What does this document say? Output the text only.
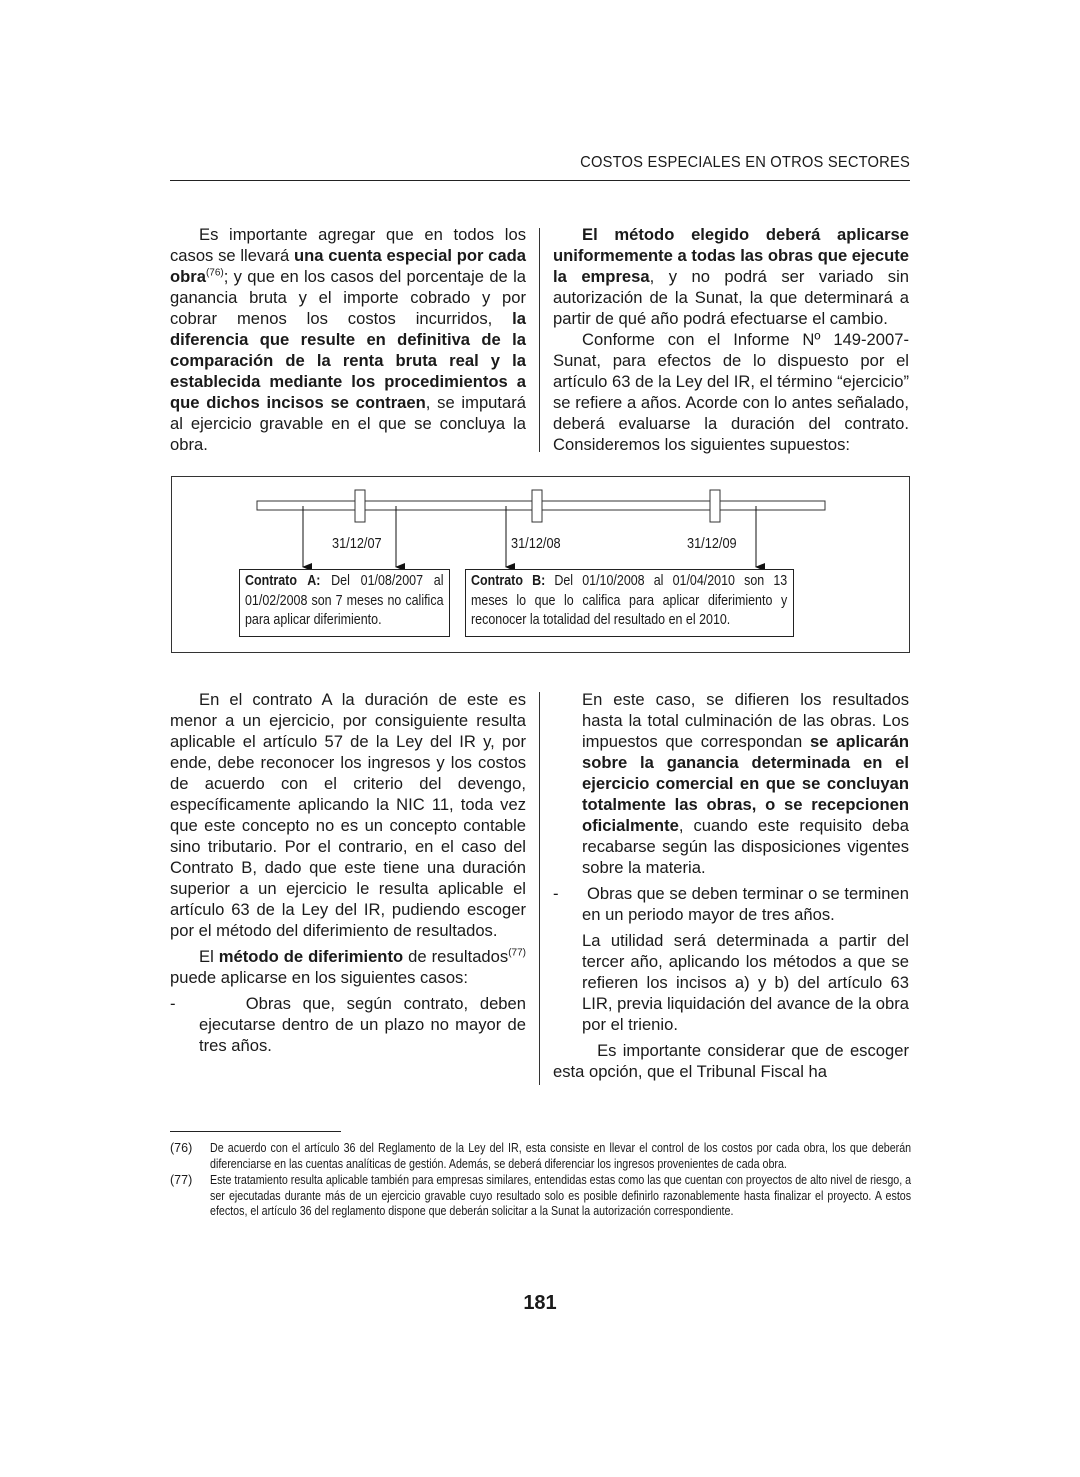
COSTOS ESPECIALES EN OTROS SECTORES

Es importante agregar que en todos los casos se llevará una cuenta especial por cada obra$^{(76)}$; y que en los casos del porcentaje de la ganancia bruta y el importe cobrado y por cobrar menos los costos incurridos, la diferencia que resulte en definitiva de la comparación de la renta bruta real y la establecida mediante los procedimientos a que dichos incisos se contraen, se imputará al ejercicio gravable en el que se concluya la obra.

El método elegido deberá aplicarse uniformemente a todas las obras que ejecute la empresa, y no podrá ser variado sin autorización de la Sunat, la que determinará a partir de qué año podrá efectuarse el cambio.

Conforme con el Informe Nº 149-2007-Sunat, para efectos de lo dispuesto por el artículo 63 de la Ley del IR, el término “ejercicio” se refiere a años. Acorde con lo antes señalado, deberá evaluarse la duración del contrato. Consideremos los siguientes supuestos:

31/12/07	31/12/08	31/12/09
Contrato A: Del 01/08/2007 al 01/02/2008 son 7 meses no califica para aplicar diferimiento.
Contrato B: Del 01/10/2008 al 01/04/2010 son 13 meses lo que lo califica para aplicar diferimiento y reconocer la totalidad del resultado en el 2010.

En el contrato A la duración de este es menor a un ejercicio, por consiguiente resulta aplicable el artículo 57 de la Ley del IR y, por ende, debe reconocer los ingresos y los costos de acuerdo con el criterio del devengo, específicamente aplicando la NIC 11, toda vez que este concepto no es un concepto contable sino tributario. Por el contrario, en el caso del Contrato B, dado que este tiene una duración superior a un ejercicio le resulta aplicable el artículo 63 de la Ley del IR, pudiendo escoger por el método del diferimiento de resultados.

El método de diferimiento de resultados$^{(77)}$ puede aplicarse en los siguientes casos:

-      Obras que, según contrato, deben ejecutarse dentro de un plazo no mayor de tres años.

En este caso, se difieren los resultados hasta la total culminación de las obras. Los impuestos que correspondan se aplicarán sobre la ganancia determinada en el ejercicio comercial en que se concluyan totalmente las obras, o se recepcionen oficialmente, cuando este requisito deba recabarse según las disposiciones vigentes sobre la materia.

-      Obras que se deben terminar o se terminen en un periodo mayor de tres años.

La utilidad será determinada a partir del tercer año, aplicando los métodos a que se refieren los incisos a) y b) del artículo 63 LIR, previa liquidación del avance de la obra por el trienio.

Es importante considerar que de escoger esta opción, que el Tribunal Fiscal ha

(76) De acuerdo con el artículo 36 del Reglamento de la Ley del IR, esta consiste en llevar el control de los costos por cada obra, los que deberán diferenciarse en las cuentas analíticas de gestión. Además, se deberá diferenciar los ingresos provenientes de cada obra.
(77) Este tratamiento resulta aplicable también para empresas similares, entendidas estas como las que cuentan con proyectos de alto nivel de riesgo, a ser ejecutadas durante más de un ejercicio gravable cuyo resultado solo es posible definirlo razonablemente hasta finalizar el proyecto. A estos efectos, el artículo 36 del reglamento dispone que deberán solicitar a la Sunat la autorización correspondiente.
181
